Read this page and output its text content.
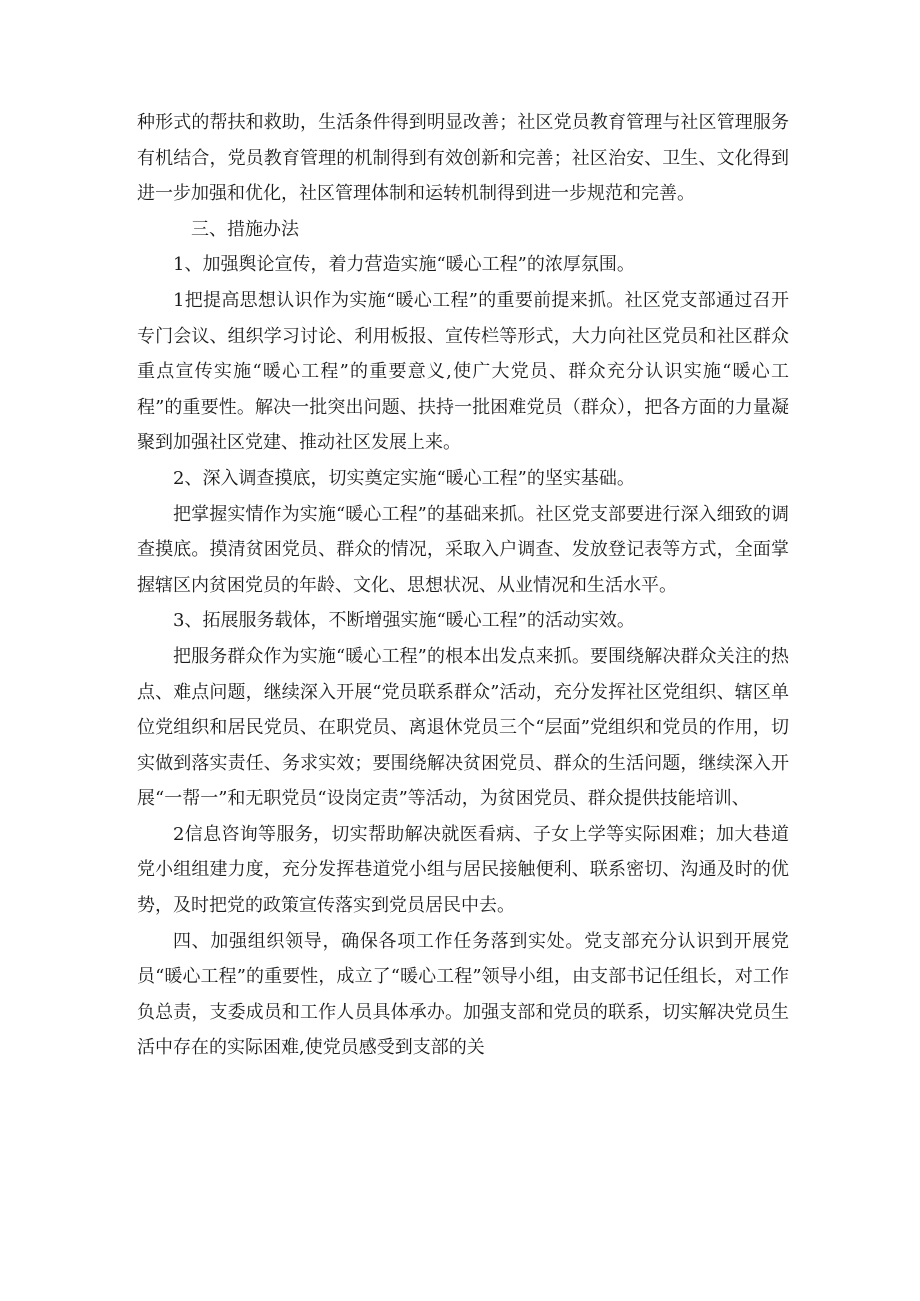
种形式的帮扶和救助，生活条件得到明显改善；社区党员教育管理与社区管理服务有机结合，党员教育管理的机制得到有效创新和完善；社区治安、卫生、文化得到进一步加强和优化，社区管理体制和运转机制得到进一步规范和完善。

三、措施办法

1、加强舆论宣传，着力营造实施“暖心工程”的浓厚氛围。

1把提高思想认识作为实施“暖心工程”的重要前提来抓。社区党支部通过召开专门会议、组织学习讨论、利用板报、宣传栏等形式，大力向社区党员和社区群众重点宣传实施“暖心工程”的重要意义,使广大党员、群众充分认识实施“暖心工程”的重要性。解决一批突出问题、扶持一批困难党员（群众），把各方面的力量凝聚到加强社区党建、推动社区发展上来。

2、深入调查摸底，切实奠定实施“暖心工程”的坚实基础。

把掌握实情作为实施“暖心工程”的基础来抓。社区党支部要进行深入细致的调查摸底。摸清贫困党员、群众的情况，采取入户调查、发放登记表等方式，全面掌握辖区内贫困党员的年龄、文化、思想状况、从业情况和生活水平。

3、拓展服务载体，不断增强实施“暖心工程”的活动实效。

把服务群众作为实施“暖心工程”的根本出发点来抓。要围绕解决群众关注的热点、难点问题，继续深入开展“党员联系群众”活动，充分发挥社区党组织、辖区单位党组织和居民党员、在职党员、离退休党员三个“层面”党组织和党员的作用，切实做到落实责任、务求实效；要围绕解决贫困党员、群众的生活问题，继续深入开展“一帮一”和无职党员“设岗定责”等活动，为贫困党员、群众提供技能培训、

2信息咨询等服务，切实帮助解决就医看病、子女上学等实际困难；加大巷道党小组组建力度，充分发挥巷道党小组与居民接触便利、联系密切、沟通及时的优势，及时把党的政策宣传落实到党员居民中去。

四、加强组织领导，确保各项工作任务落到实处。党支部充分认识到开展党员“暖心工程”的重要性，成立了“暖心工程”领导小组，由支部书记任组长，对工作负总责，支委成员和工作人员具体承办。加强支部和党员的联系，切实解决党员生活中存在的实际困难,使党员感受到支部的关
